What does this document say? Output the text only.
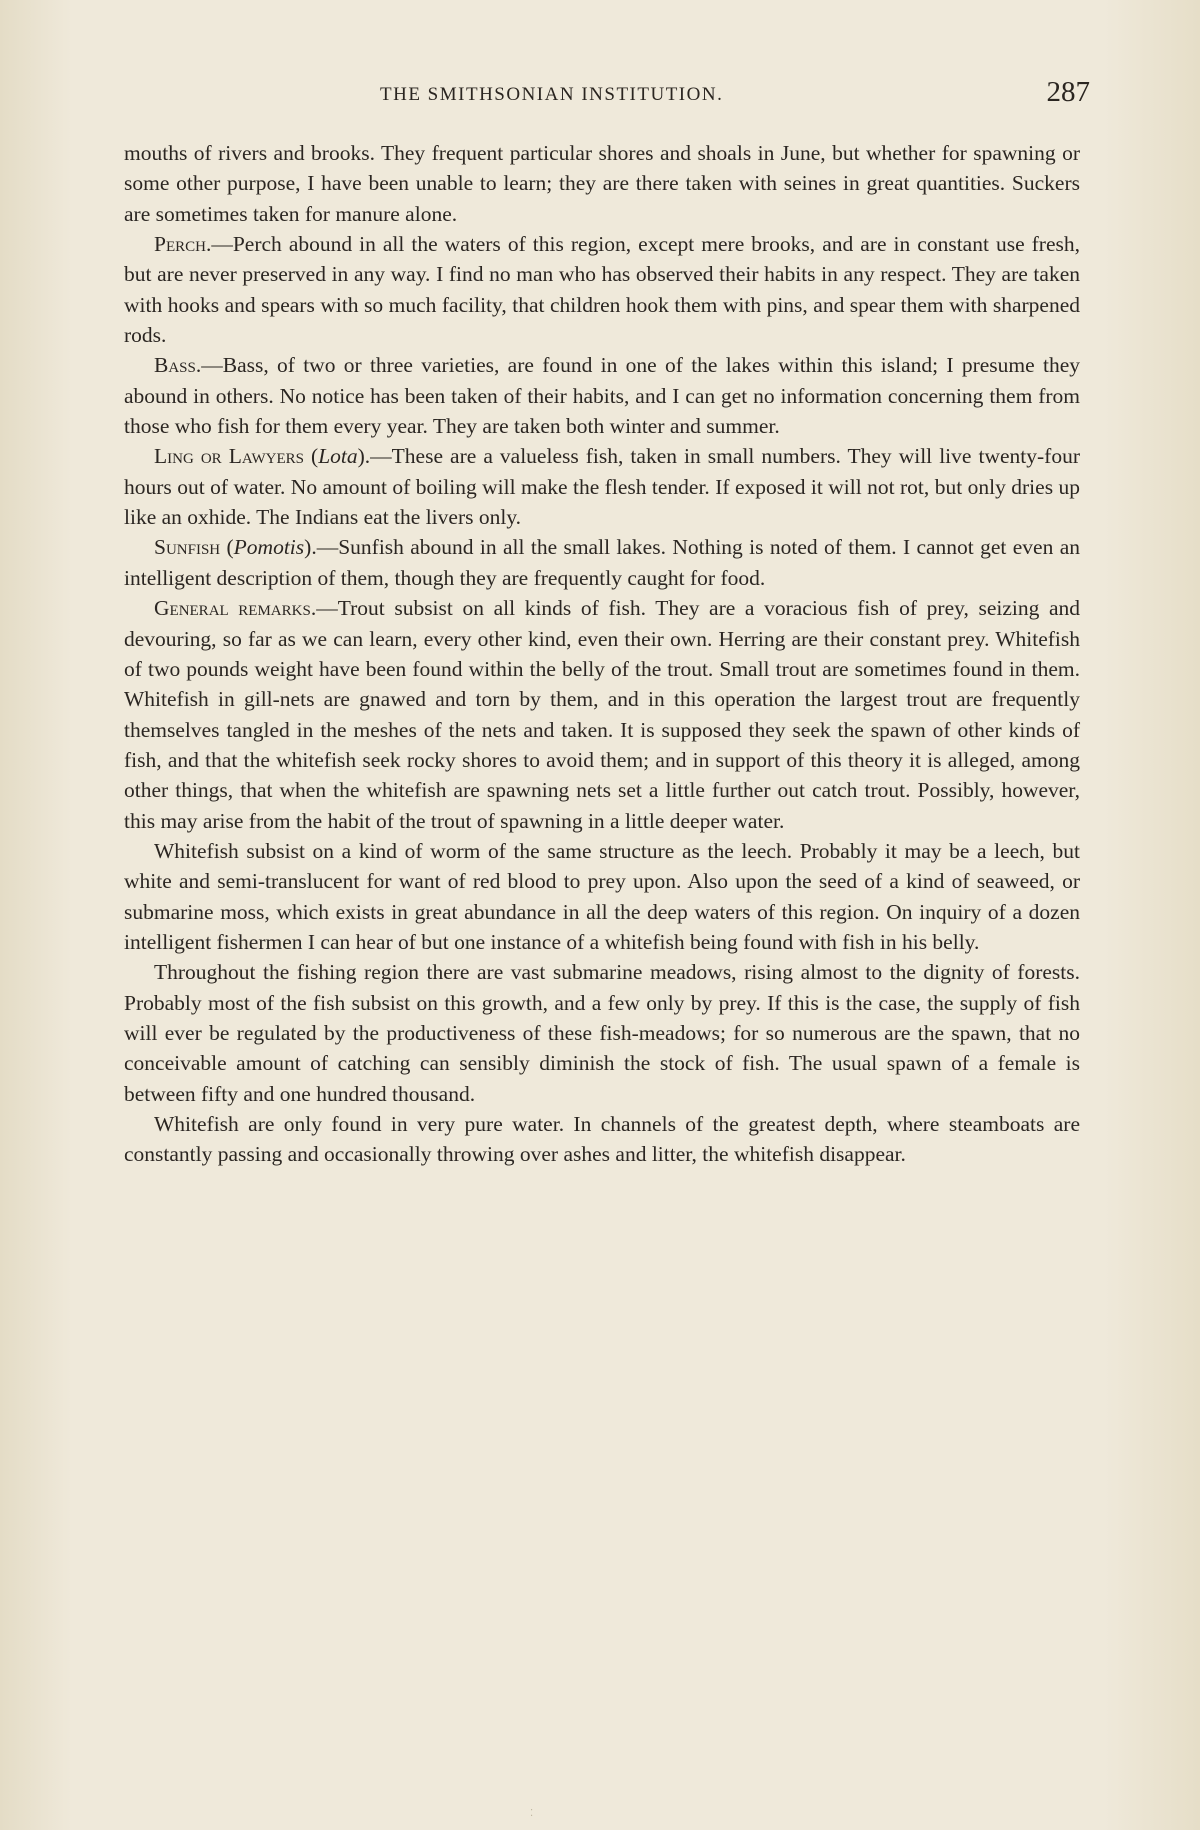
THE SMITHSONIAN INSTITUTION.	287

mouths of rivers and brooks. They frequent particular shores and shoals in June, but whether for spawning or some other purpose, I have been unable to learn; they are there taken with seines in great quantities. Suckers are sometimes taken for manure alone.

Perch.—Perch abound in all the waters of this region, except mere brooks, and are in constant use fresh, but are never preserved in any way. I find no man who has observed their habits in any respect. They are taken with hooks and spears with so much facility, that children hook them with pins, and spear them with sharpened rods.

Bass.—Bass, of two or three varieties, are found in one of the lakes within this island; I presume they abound in others. No notice has been taken of their habits, and I can get no information concerning them from those who fish for them every year. They are taken both winter and summer.

Ling or Lawyers (Lota).—These are a valueless fish, taken in small numbers. They will live twenty-four hours out of water. No amount of boiling will make the flesh tender. If exposed it will not rot, but only dries up like an oxhide. The Indians eat the livers only.

Sunfish (Pomotis).—Sunfish abound in all the small lakes. Nothing is noted of them. I cannot get even an intelligent description of them, though they are frequently caught for food.

General remarks.—Trout subsist on all kinds of fish. They are a voracious fish of prey, seizing and devouring, so far as we can learn, every other kind, even their own. Herring are their constant prey. Whitefish of two pounds weight have been found within the belly of the trout. Small trout are sometimes found in them. Whitefish in gill-nets are gnawed and torn by them, and in this operation the largest trout are frequently themselves tangled in the meshes of the nets and taken. It is supposed they seek the spawn of other kinds of fish, and that the whitefish seek rocky shores to avoid them; and in support of this theory it is alleged, among other things, that when the whitefish are spawning nets set a little further out catch trout. Possibly, however, this may arise from the habit of the trout of spawning in a little deeper water.

Whitefish subsist on a kind of worm of the same structure as the leech. Probably it may be a leech, but white and semi-translucent for want of red blood to prey upon. Also upon the seed of a kind of seaweed, or submarine moss, which exists in great abundance in all the deep waters of this region. On inquiry of a dozen intelligent fishermen I can hear of but one instance of a whitefish being found with fish in his belly.

Throughout the fishing region there are vast submarine meadows, rising almost to the dignity of forests. Probably most of the fish subsist on this growth, and a few only by prey. If this is the case, the supply of fish will ever be regulated by the productiveness of these fish-meadows; for so numerous are the spawn, that no conceivable amount of catching can sensibly diminish the stock of fish. The usual spawn of a female is between fifty and one hundred thousand.

Whitefish are only found in very pure water. In channels of the greatest depth, where steamboats are constantly passing and occasionally throwing over ashes and litter, the whitefish disappear.

⁚
